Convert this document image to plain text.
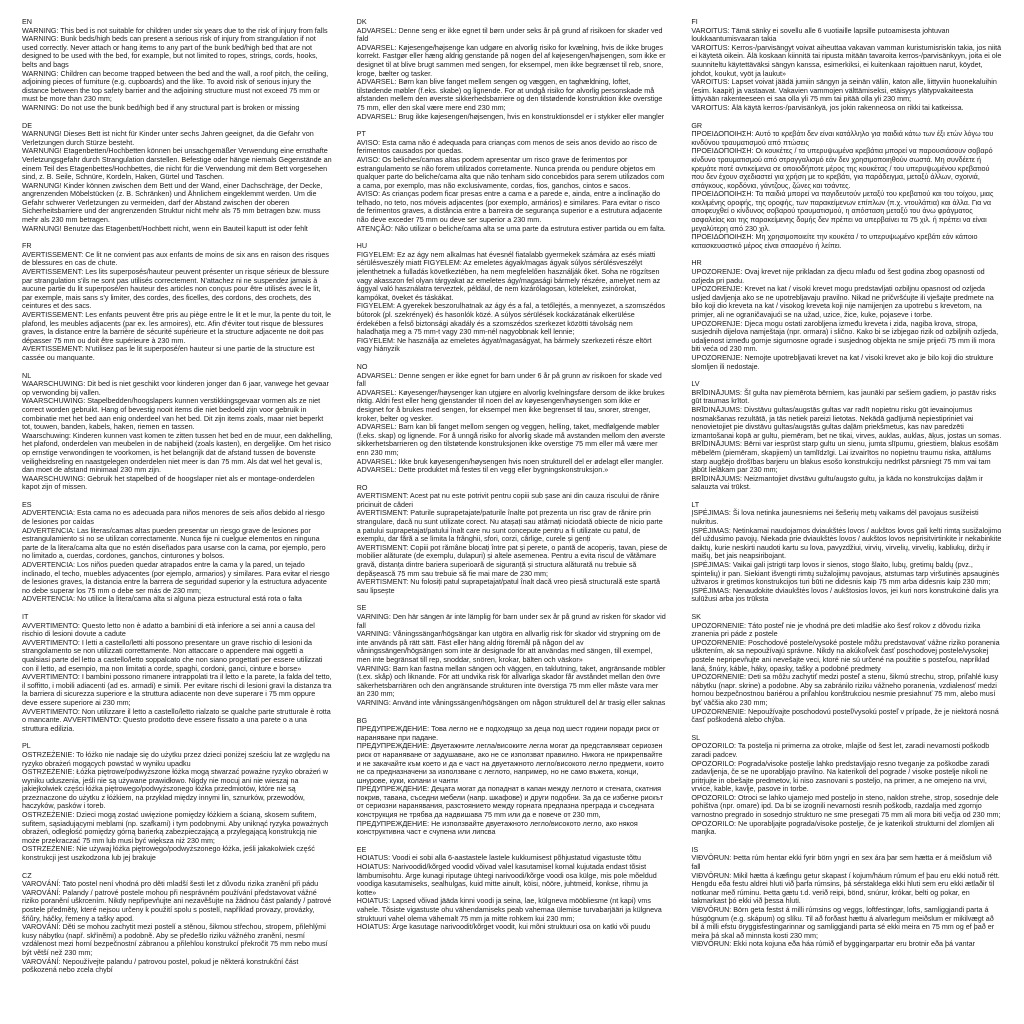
EN

WARNING: This bed is not suitable for children under six years due to the risk of injury from falls

WARNING: Bunk beds/high beds can present a serious risk of injury from strangulation if not used correctly. Never attach or hang items to any part of the bunk bed/high bed that are not designed to be used with the bed, for example, but not limited to ropes, strings, cords, hooks, belts and bags

WARNING: Children can become trapped between the bed and the wall, a roof pitch, the ceiling, adjoining pieces of furniture (e.g. cupboards) and the like. To avoid risk of serious injury the distance between the top safety barrier and the adjoining structure must not exceed 75 mm or must be more than 230 mm;

WARNING: Do not use the bunk bed/high bed if any structural part is broken or missing

DE

WARNUNG! Dieses Bett ist nicht für Kinder unter sechs Jahren geeignet, da die Gefahr von Verletzungen durch Stürze besteht.

WARNUNG! Etagenbetten/Hochbetten können bei unsachgemäßer Verwendung eine ernsthafte Verletzungsgefahr durch Strangulation darstellen. Befestige oder hänge niemals Gegenstände an einem Teil des Etagenbettes/Hochbettes, die nicht für die Verwendung mit dem Bett vorgesehen sind, z. B. Seile, Schnüre, Kordeln, Haken, Gürtel und Taschen.

WARNUNG! Kinder können zwischen dem Bett und der Wand, einer Dachschräge, der Decke, angrenzenden Möbelstücken (z. B. Schränken) und Ähnlichem eingeklemmt werden. Um die Gefahr schwerer Verletzungen zu vermeiden, darf der Abstand zwischen der oberen Sicherheitsbarriere und der angrenzenden Struktur nicht mehr als 75 mm betragen bzw. muss mehr als 230 mm betragen.

WARNUNG! Benutze das Etagenbett/Hochbett nicht, wenn ein Bauteil kaputt ist oder fehlt

FR

AVERTISSEMENT: Ce lit ne convient pas aux enfants de moins de six ans en raison des risques de blessures en cas de chute.

AVERTISSEMENT: Les lits superposés/hauteur peuvent présenter un risque sérieux de blessure par strangulation s'ils ne sont pas utilisés correctement. N'attachez ni ne suspendez jamais à aucune partie du lit superposé/en hauteur des articles non conçus pour être utilisés avec le lit, par exemple, mais sans s'y limiter, des cordes, des ficelles, des cordons, des crochets, des ceintures et des sacs.

AVERTISSEMENT: Les enfants peuvent être pris au piège entre le lit et le mur, la pente du toit, le plafond, les meubles adjacents (par ex. les armoires), etc. Afin d'éviter tout risque de blessures graves, la distance entre la barrière de sécurité supérieure et la structure adjacente ne doit pas dépasser 75 mm ou doit être supérieure à 230 mm.

AVERTISSEMENT: N'utilisez pas le lit superposé/en hauteur si une partie de la structure est cassée ou manquante.

NL

WAARSCHUWING: Dit bed is niet geschikt voor kinderen jonger dan 6 jaar, vanwege het gevaar op verwonding bij vallen.

WAARSCHUWING: Stapelbedden/hoogslapers kunnen verstikkingsgevaar vormen als ze niet correct worden gebruikt. Hang of bevestig nooit items die niet bedoeld zijn voor gebruik in combinatie met het bed aan enig onderdeel van het bed. Dit zijn items zoals, maar niet beperkt tot, touwen, banden, kabels, haken, riemen en tassen.

Waarschuwing: Kinderen kunnen vast komen te zitten tussen het bed en de muur, een dakhelling, het plafond, onderdelen van meubelen in de nabijheid (zoals kasten), en dergelijke. Om het risico op ernstige verwondingen te voorkomen, is het belangrijk dat de afstand tussen de bovenste veiligheidsreling en naastgelegen onderdelen niet meer is dan 75 mm. Als dat wel het geval is, dan moet de afstand minimaal 230 mm zijn.

WAARSCHUWING: Gebruik het stapelbed of de hoogslaper niet als er montage-onderdelen kapot zijn of missen.

ES

ADVERTENCIA: Esta cama no es adecuada para niños menores de seis años debido al riesgo de lesiones por caídas

ADVERTENCIA: Las literas/camas altas pueden presentar un riesgo grave de lesiones por estrangulamiento si no se utilizan correctamente. Nunca fije ni cuelgue elementos en ninguna parte de la litera/cama alta que no estén diseñados para usarse con la cama, por ejemplo, pero no limitado a, cuerdas, cordones, ganchos, cinturones y bolsos.

ADVERTENCIA: Los niños pueden quedar atrapados entre la cama y la pared, un tejado inclinado, el techo, muebles adyacentes (por ejemplo, armarios) y similares. Para evitar el riesgo de lesiones graves, la distancia entre la barrera de seguridad superior y la estructura adyacente no debe superar los 75 mm o debe ser más de 230 mm;

ADVERTENCIA: No utilice la litera/cama alta si alguna pieza estructural está rota o falta

IT

AVVERTIMENTO: Questo letto non è adatto a bambini di età inferiore a sei anni a causa del rischio di lesioni dovute a cadute

AVVERTIMENTO: I letti a castello/letti alti possono presentare un grave rischio di lesioni da strangolamento se non utilizzati correttamente. Non attaccare o appendere mai oggetti a qualsiasi parte del letto a castello/letto soppalcato che non siano progettati per essere utilizzati con il letto, ad esempio, ma non limitati a corde, spaghi, cordoni, ganci, cinture e borse»

AVVERTIMENTO: I bambini possono rimanere intrappolati tra il letto e la parete, la falda del tetto, il soffitto, i mobili adiacenti (ad es. armadi) e simili. Per evitare rischi di lesioni gravi la distanza tra la barriera di sicurezza superiore e la struttura adiacente non deve superare i 75 mm oppure deve essere superiore ai 230 mm;

AVVERTIMENTO: Non utilizzare il letto a castello/letto rialzato se qualche parte strutturale è rotta o mancante. AVVERTIMENTO: Questo prodotto deve essere fissato a una parete o a una struttura edilizia.

PL

OSTRZEŻENIE: To łóżko nie nadaje się do użytku przez dzieci poniżej sześciu lat ze względu na ryzyko obrażeń mogących powstać w wyniku upadku

OSTRZEŻENIE: Łóżka piętrowe/podwyższone łóżka mogą stwarzać poważne ryzyko obrażeń w wyniku uduszenia, jeśli nie są używane prawidłowo. Nigdy nie mocuj ani nie wieszaj na jakiejkolwiek części łóżka piętrowego/podwyższonego łóżka przedmiotów, które nie są przeznaczone do użytku z łóżkiem, na przykład między innymi lin, sznurków, przewodów, haczyków, pasków i toreb.

OSTRZEŻENIE: Dzieci mogą zostać uwięzione pomiędzy łóżkiem a ścianą, skosem sufitem, sufitem, sąsiadującymi meblami (np. szafkami) i tym podobnymi. Aby uniknąć ryzyka poważnych obrażeń, odległość pomiędzy górną barierką zabezpieczającą a przylegającą konstrukcją nie może przekraczać 75 mm lub musi być większa niż 230 mm;

OSTRZEŻENIE: Nie używaj łóżka piętrowego/podwyższonego łóżka, jeśli jakakolwiek część konstrukcji jest uszkodzona lub jej brakuje

CZ

VAROVÁNÍ: Tato postel není vhodná pro děti mladší šesti let z důvodu rizika zranění při pádu

VAROVÁNÍ: Palandy / patrové postele mohou při nesprávném používání představovat vážné riziko poranění uškrcením. Nikdy nepřipevňujte ani nezavěšujte na žádnou část palandy / patrové postele předměty, které nejsou určeny k použití spolu s postelí, například provazy, provázky, šňůry, háčky, řemeny a tašky apod.

VAROVÁNÍ: Děti se mohou zachytit mezi postelí a stěnou, šikmou střechou, stropem, přilehlými kusy nábytku (např. skříněmi) a podobně. Aby se předešlo riziku vážného zranění, nesmí vzdálenost mezi horní bezpečnostní zábranou a přilehlou konstrukcí překročit 75 mm nebo musí být větší než 230 mm;

VAROVÁNÍ: Nepoužívejte palandu / patrovou postel, pokud je některá konstrukční část poškozená nebo zcela chybí

DK

ADVARSEL: Denne seng er ikke egnet til børn under seks år på grund af risikoen for skader ved fald

ADVARSEL: Køjesenge/højsenge kan udgøre en alvorlig risiko for kvælning, hvis de ikke bruges korrekt. Fastgør eller hæng aldrig genstande på nogen del af køjesengen/højsengen, som ikke er designet til at blive brugt sammen med sengen, for eksempel, men ikke begrænset til reb, snore, kroge, bælter og tasker.

ADVARSEL: Børn kan blive fanget mellem sengen og væggen, en taghældning, loftet, tilstødende møbler (f.eks. skabe) og lignende. For at undgå risiko for alvorlig personskade må afstanden mellem den øverste sikkerhedsbarriere og den tilstødende konstruktion ikke overstige 75 mm, eller den skal være mere end 230 mm;

ADVARSEL: Brug ikke køjesengen/højsengen, hvis en konstruktionsdel er i stykker eller mangler

PT

AVISO: Esta cama não é adequada para crianças com menos de seis anos devido ao risco de ferimentos causados por quedas.

AVISO: Os beliches/camas altas podem apresentar um risco grave de ferimentos por estrangulamento se não forem utilizados corretamente. Nunca prenda ou pendure objetos em qualquer parte do beliche/cama alta que não tenham sido concebidos para serem utilizados com a cama, por exemplo, mas não exclusivamente, cordas, fios, ganchos, cintos e sacos.

AVISO: As crianças podem ficar presas entre a cama e a parede e, ainda, entre a inclinação do telhado, no teto, nos móveis adjacentes (por exemplo, armários) e similares. Para evitar o risco de ferimentos graves, a distância entre a barreira de segurança superior e a estrutura adjacente não deve exceder 75 mm ou deve ser superior a 230 mm.

ATENÇÃO: Não utilizar o beliche/cama alta se uma parte da estrutura estiver partida ou em falta.

HU

FIGYELEM: Ez az ágy nem alkalmas hat évesnél fiatalabb gyermekek számára az esés miatti sérülésveszély miatt FIGYELEM: Az emeletes ágyak/magas ágyak súlyos sérülésveszélyt jelenthetnek a fulladás következtében, ha nem megfelelően használják őket. Soha ne rögzítsen vagy akasszon fel olyan tárgyakat az emeletes ágy/magasági bármely részére, amelyet nem az ággyal való használatra terveztek, például, de nem kizárólagosan, köteleket, zsinórokat, kampókat, öveket és táskákat.

FIGYELEM: A gyerekek beszorulhatnak az ágy és a fal, a tetőlejtés, a mennyezet, a szomszédos bútorok (pl. szekrények) és hasonlók közé. A súlyos sérülések kockázatának elkerülése érdekében a felső biztonsági akadály és a szomszédos szerkezet közötti távolság nem haladhatja meg a 75 mm-t vagy 230 mm-nél nagyobbnak kell lennie;

FIGYELEM: Ne használja az emeletes ágyat/magaságyat, ha bármely szerkezeti része eltört vagy hiányzik

NO

ADVARSEL: Denne sengen er ikke egnet for barn under 6 år på grunn av risikoen for skade ved fall

ADVARSEL: Køyesenger/høysenger kan utgjøre en alvorlig kvelningsfare dersom de ikke brukes riktig. Aldri fest eller heng gjenstander til noen del av køyesengen/høysengen som ikke er designet for å brukes med sengen, for eksempel men ikke begrenset til tau, snorer, strenger, kroker, belter og vesker.

ADVARSEL: Barn kan bli fanget mellom sengen og veggen, helling, taket, medfølgende møbler (f.eks. skap) og lignende. For å unngå risiko for alvorlig skade må avstanden mellom den øverste sikkerhetsbarrieren og den tilstøtende konstruksjonen ikke overstige 75 mm eller må være mer enn 230 mm;

ADVARSEL: Ikke bruk køyesengen/høysengen hvis noen strukturell del er ødelagt eller mangler.

ADVARSEL: Dette produktet må festes til en vegg eller bygningskonstruksjon.»

RO

AVERTISMENT: Acest pat nu este potrivit pentru copiii sub șase ani din cauza riscului de rănire pricinuit de căderi

AVERTISMENT: Paturile suprapetajate/paturile înalte pot prezenta un risc grav de rănire prin strangulare, dacă nu sunt utilizate corect. Nu atașați sau atârnați niciodată obiecte de nicio parte a patului suprapetajat/patului înalt care nu sunt concepute pentru a fi utilizate cu patul, de exemplu, dar fără a se limita la frânghii, sfori, corzi, cârlige, curele și genți

AVERTISMENT: Copiii pot rămâne blocați între pat și perete, o pantă de acoperiș, tavan, piese de mobilier alăturate (de exemplu, dulapuri) și altele asemenea. Pentru a evita riscul de vătămare gravă, distanța dintre bariera superioară de siguranță și structura alăturată nu trebuie să depășească 75 mm sau trebuie să fie mai mare de 230 mm;

AVERTISMENT: Nu folosiți patul suprapetajat/patul înalt dacă vreo piesă structurală este spartă sau lipsește

SE

VARNING: Den här sängen är inte lämplig för barn under sex år på grund av risken för skador vid fall

VARNING: Våningssängar/högsängar kan utgöra en allvarlig risk för skador vid strypning om de inte används på rätt sätt. Fäst eller häng aldrig föremål på någon del av våningssängen/högsängen som inte är designade för att användas med sängen, till exempel, men inte begränsat till rep, snoddar, snören, krokar, bälten och väskor»

VARNING: Barn kan fastna mellan sängen och väggen, en taklutning, taket, angränsande möbler (t.ex. skåp) och liknande. För att undvika risk för allvarliga skador får avståndet mellan den övre säkerhetsbarriären och den angränsande strukturen inte överstiga 75 mm eller måste vara mer än 230 mm;

VARNING: Använd inte våningssängen/högsängen om någon strukturell del är trasig eller saknas

BG

ПРЕДУПРЕЖДЕНИЕ: Това легло не е подходящо за деца под шест години поради риск от нараняване при падане.

ПРЕДУПРЕЖДЕНИЕ: Двуетажните легла/високите легла могат да представляват сериозен риск от нараняване от задушаване, ако не се използват правилно. Никога не прикрепвайте и не закачайте към което и да е част на двуетажното легло/високото легло предмети, които не са предназначени за използване с леглото, например, но не само въжета, конци, шнурове, куки, колани и чанти

ПРЕДУПРЕЖДЕНИЕ: Децата могат да попаднат в капан между леглото и стената, скатния покрив, тавана, съседни мебели (напр. шкафове) и други подобни. За да се избегне рискът от сериозни наранявания, разстоянието между горната предпазна преграда и съседната конструкция не трябва да надвишава 75 mm или да е повече от 230 mm,

ПРЕДУПРЕЖДЕНИЕ: Не използвайте двуетажното легло/високото легло, ако някоя конструктивна част е счупена или липсва

EE

HOIATUS: Voodi ei sobi alla 6-aastastele lastele kukkumisest põhjustatud vigastuste tõttu

HOIATUS: Narivoodid/kõrged voodid võivad valel kasutamisel kornal kujutada endast tõsist lämbumisohtu. Ärge kunagi riputage ühtegi narivoodi/kõrge voodi osa külge, mis pole mõeldud voodiga kasutamiseks, sealhulgas, kuid mitte ainult, köisi, nööre, juhtmeid, konkse, rihmu ja kotte»

HOIATUS: Lapsed võivad jääda kinni voodi ja seina, lae, külgneva mööbliesme (nt kapi) vms vahele. Tõsiste vigastuste ohu vähendamiseks peab vahemaa ülemise turvabarjääri ja külgneva struktuuri vahel olema vähemalt 75 mm ja mitte rohkem kui 230 mm;

HOIATUS: Ärge kasutage narivoodit/kõrget voodit, kui mõni struktuuri osa on katki või puudu

FI

VAROITUS: Tämä sänky ei sovellu alle 6 vuotiaille lapsille putoamisesta johtuvan loukkaantumisvaaran takia

VAROITUS: Kerros-/parvisängyt voivat aiheuttaa vakavan vamman kuristumisriskin takia, jos niitä ei käytetä oikein. Älä koskaan kiinnitä tai ripusta mitään tavaroita kerros-/parvisänkyyn, joita ei ole suunniteltu käytettäväksi sängyn kanssa, esimerkiksi, ei kuitenkaan rajoittuen narut, köydet, johdot, koukut, vyöt ja laukut»

VAROITUS: Lapset voivat jäädä jumiin sängyn ja seinän väliin, katon alle, liittyviin huonekaluihin (esim. kaapit) ja vastaavat. Vakavien vammojen välttämiseksi, etäisyys ylätурvakaiteesta liittyvään rakenteeseen ei saa olla yli 75 mm tai pitää olla yli 230 mm;

VAROITUS: Älä käytä kerros-/parvisänkyä, jos jokin rakenneosa on rikki tai katkeissa.

GR

ΠΡΟΕΙΔΟΠΟΙΗΣΗ: Αυτό το κρεβάτι δεν είναι κατάλληλο για παιδιά κάτω των έξι ετών λόγω του κινδύνου τραυματισμού από πτώσεις

ΠΡΟΕΙΔΟΠΟΙΗΣΗ: Οι κουκέτες / τα υπερυψωμένα κρεβάτια μπορεί να παρουσιάσουν σοβαρό κίνδυνο τραυματισμού από στραγγαλισμό εάν δεν χρησιμοποιηθούν σωστά. Μη συνδέετε ή κρεμάτε ποτέ αντικείμενα σε οποιοδήποτε μέρος της κουκέτας / του υπερυψωμένου κρεβατιού που δεν έχουν σχεδιαστεί για χρήση με το κρεβάτι, για παράδειγμα, μεταξύ άλλων, σχοινιά, σπάγκους, κορδόνια, γάντζους, ζώνες και τσάντες.

ΠΡΟΕΙΔΟΠΟΙΗΣΗ: Τα παιδιά μπορεί να παγιδευτούν μεταξύ του κρεβατιού και του τοίχου, μιας κεκλιμένης οροφής, της οροφής, των παρακείμενων επίπλων (π.χ. ντουλάπια) και άλλα. Για να αποφευχθεί ο κίνδυνος σοβαρού τραυματισμού, η απόσταση μεταξύ του άνω φράγματος ασφαλείας και της παρακείμενης δομής δεν πρέπει να υπερβαίνει τα 75 χιλ. ή πρέπει να είναι μεγαλύτερη από 230 χιλ.

ΠΡΟΕΙΔΟΠΟΙΗΣΗ: Μη χρησιμοποιείτε την κουκέτα / το υπερυψωμένο κρεβάτι εάν κάποιο κατασκευαστικό μέρος είναι σπασμένο ή λείπει.

HR

UPOZORENJE: Ovaj krevet nije prikladan za djecu mlađu od šest godina zbog opasnosti od ozljeda pri padu.

UPOZORENJE: Krevet na kat / visoki krevet mogu predstavljati ozbiljnu opasnost od ozljeda usljed davljenja ako se ne upotrebljavaju pravilno. Nikad ne pričvršćujte ili vješajte predmete na bilo koji dio kreveta na kat / visokog kreveta koji nije namijenjen za upotrebu s krevetom, na primjer, ali ne ograničavajući se na užad, uzice, žice, kuke, pojaseve i torbe.

UPOZORENJE: Djeca mogu ostati zarobljena između kreveta i zida, nagiba krova, stropa, susjednih dijelova namještaja (npr. ormara) i slično. Kako bi se izbjegao rizik od ozbiljnih ozljeda, udaljenost između gornje sigurnosne ograde i susjednog objekta ne smije prijeći 75 mm ili mora biti veća od 230 mm.

UPOZORENJE: Nemojte upotrebljavati krevet na kat / visoki krevet ako je bilo koji dio strukture slomljen ili nedostaje.

LV

BRĪDINĀJUMS: Šī gulta nav piemērota bērniem, kas jaunāki par sešiem gadiem, jo pastāv risks gūt traumas krītot.

BRĪDINĀJUMS: Divstāvu gultas/augstās gultas var radīt nopietnu risku gūt ievainojumus nosmakšanas rezultātā, ja tās netiek pareizi lietotas. Nekādā gadījumā nepiestipriniet vai nenovietojiet pie divstāvu gultas/augstās gultas daļām priekšmetus, kas nav paredzēti izmantošanai kopā ar gultu, piemēram, bet ne tikai, virves, auklas, auklas, āķus, jostas un somas.

BRĪDINĀJUMS: Bērni var iesprūst starp gultu un sienu, jumta slīpumu, griestiem, blakus esošām mēbelēm (piemēram, skapjiem) un tamlīdzīgi. Lai izvairītos no nopietnu traumu riska, attālums starp augšējo drošības barjeru un blakus esošo konstrukciju nedrīkst pārsniegt 75 mm vai tam jābūt lielākam par 230 mm;

BRĪDINĀJUMS: Neizmantojiet divstāvu gultu/augsto gultu, ja kāda no konstrukcijas daļām ir salauzta vai trūkst.

LT

ĮSPĖJIMAS: Ši lova netinka jaunesniems nei šešerių metų vaikams dėl pavojaus susižeisti nukritus.

ĮSPĖJIMAS: Netinkamai naudojamos dviaukštės lovos / aukštos lovos gali kelti rimtą susižalojimo dėl uždusimo pavojų. Niekada prie dviaukštės lovos / aukštos lovos neprisitvirtinkite ir nekabinkite daiktų, kurie neskirti naudoti kartu su lova, pavyzdžiui, virvių, virvelių, virvelių, kabliukų, diržų ir maišų, bet jais neapsiribojant.

ĮSPĖJIMAS: Vaikai gali įstrigti tarp lovos ir sienos, stogo šlaito, lubų, gretimų baldų (pvz., spintelių) ir pan. Siekiant išvengti rimtų sužalojimų pavojaus, atstumas tarp viršutinės apsauginės užtvaros ir gretimos konstrukcijos turi būti ne didesnis kaip 75 mm arba didesnis kaip 230 mm;

ĮSPĖJIMAS: Nenaudokite dviaukštės lovos / aukštosios lovos, jei kuri nors konstrukcinė dalis yra sulūžusi arba jos trūksta

SK

UPOZORNENIE: Táto posteľ nie je vhodná pre deti mladšie ako šesť rokov z dôvodu rizika zranenia pri páde z postele

UPOZORNENIE: Poschodové postele/vysoké postele môžu predstavovať vážne riziko poranenia uškrtením, ak sa nepoužívajú správne. Nikdy na akúkoľvek časť poschodovej postele/vysokej postele nepripevňujte ani nevešajte veci, ktoré nie sú určené na použitie s posteľou, napríklad laná, šnúry, káble, háky, opasky, tašky a podobné predmety

UPOZORNENIE: Deti sa môžu zachytiť medzi posteľ a stenu, šikmú strechu, strop, priľahlé kusy nábytku (napr. skrine) a podobne. Aby sa zabránilo riziku vážneho poranenia, vzdialenosť medzi hornou bezpečnostnou bariérou a priľahlou konštrukciou nesmie presiahnuť 75 mm, alebo musí byť väčšia ako 230 mm;

UPOZORNENIE: Nepoužívajte poschodovú posteľ/vysokú posteľ v prípade, že je niektorá nosná časť poškodená alebo chýba.

SL

OPOZORILO: Ta postelja ni primerna za otroke, mlajše od šest let, zaradi nevarnosti poškodb zaradi padcev.

OPOZORILO: Pograda/visoke postelje lahko predstavljajo resno tveganje za poškodbe zaradi zadavljenja, če se ne uporabljajo pravilno. Na katerikoli del pograde / visoke postelje nikoli ne pritrjujte in obešajte predmetov, ki niso zasnovani s posteljo, na primer, a ne omejeno na vrvi, vrvice, kable, kavlje, pasove in torbe.

OPOZORILO: Otroci se lahko ujamejo med posteljo in steno, naklon strehe, strop, sosednje dele pohištva (npr. omare) ipd. Da bi se izognili nevarnosti resnih poškodb, razdalja med zgornjo varnostno pregrado in sosednjo strukturo ne sme presegati 75 mm ali mora biti večja od 230 mm;

OPOZORILO: Ne uporabljajte pograda/visoke postelje, če je katerikoli strukturni del zlomljen ali manjka.

IS

VIÐVÖRUN: Þetta rúm hentar ekki fyrir börn yngri en sex ára þar sem hætta er á meiðslum við fall

VIÐVÖRUN: Mikil hætta á kæfingu getur skapast í kojum/háum rúmum ef þau eru ekki notuð rétt. Hengdu eða festu aldrei hluti við þarfa rúmsins, þá sérstaklega ekki hluti sem eru ekki ætlaðir til notkunar með rúminu. Þetta gætu t.d. verið reipi, bönd, snúrur, krókar, belti og pokar, en takmarkast þó ekki við þessa hluti.

VIÐVÖRUN: Börn geta festst á milli rúmsins og veggs, loftfestingar, lofts, samliggjandi parta á húsgögnum (e.g. skápum) og slíku. Til að forðast hættu á alvarlegum meiðslum er mikilvægt að bil á milli efstu öryggisfestingarinnar og samliggjandi parta sé ekki meira en 75 mm og ef það er meira þá skal að minnsta kosti 230 mm;

VIÐVÖRUN: Ekki nota kojuna eða háa rúmið ef byggingarpartar eru brotnir eða þá vantar
